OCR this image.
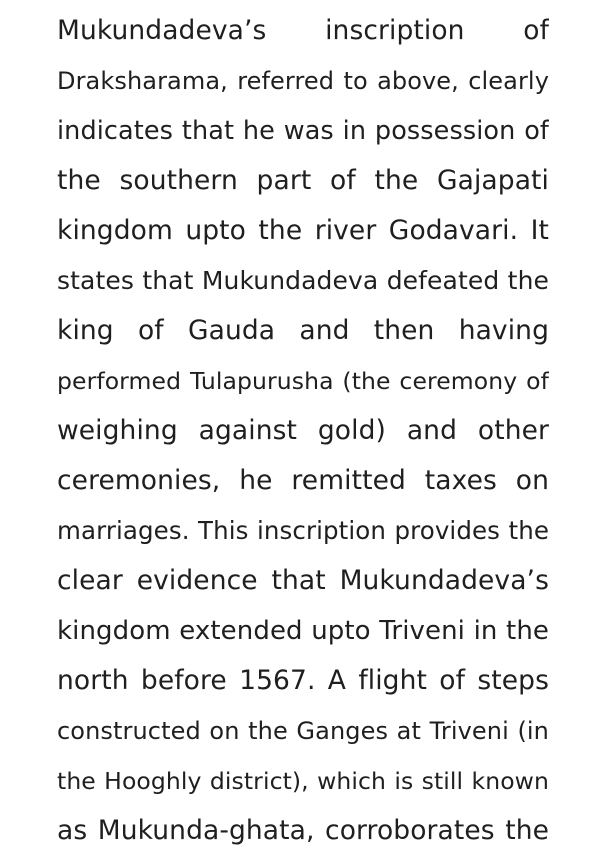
Mukundadeva’s inscription of
Draksharama, referred to above, clearly
indicates that he was in possession of
the southern part of the Gajapati
kingdom upto the river Godavari. It
states that Mukundadeva defeated the
king of Gauda and then having
performed Tulapurusha (the ceremony of
weighing against gold) and other
ceremonies, he remitted taxes on
marriages. This inscription provides the
clear evidence that Mukundadeva’s
kingdom extended upto Triveni in the
north before 1567. A flight of steps
constructed on the Ganges at Triveni (in
the Hooghly district), which is still known
as Mukunda-ghata, corroborates the
